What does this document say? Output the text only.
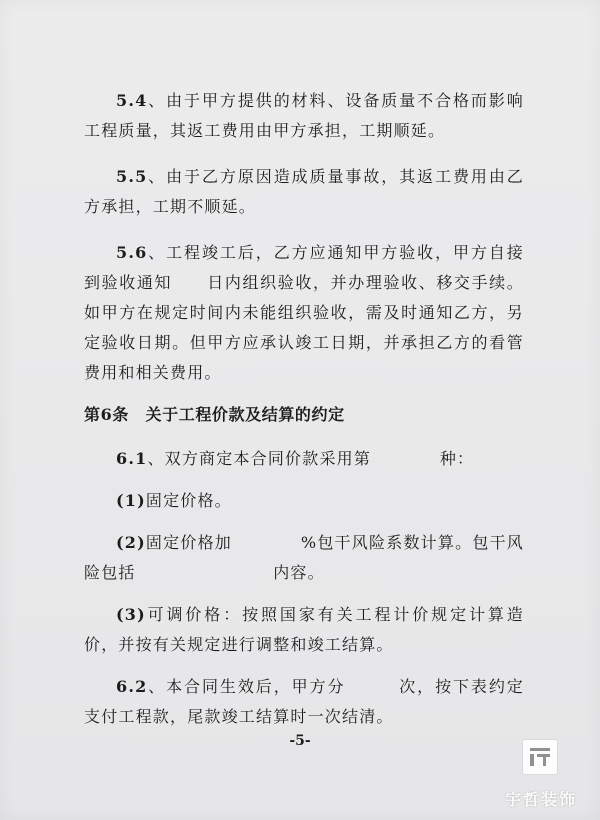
5.4、由于甲方提供的材料、设备质量不合格而影响工程质量，其返工费用由甲方承担，工期顺延。

5.5、由于乙方原因造成质量事故，其返工费用由乙方承担，工期不顺延。

5.6、工程竣工后，乙方应通知甲方验收，甲方自接到验收通知　　日内组织验收，并办理验收、移交手续。如甲方在规定时间内未能组织验收，需及时通知乙方，另定验收日期。但甲方应承认竣工日期，并承担乙方的看管费用和相关费用。

第6条　关于工程价款及结算的约定

6.1、双方商定本合同价款采用第　　　　种：

(1)固定价格。

(2)固定价格加　　　　%包干风险系数计算。包干风险包括　　　　　　　　内容。

(3)可调价格：按照国家有关工程计价规定计算造价，并按有关规定进行调整和竣工结算。

6.2、本合同生效后，甲方分　　　次，按下表约定支付工程款，尾款竣工结算时一次结清。

-5-
宇哲装饰
